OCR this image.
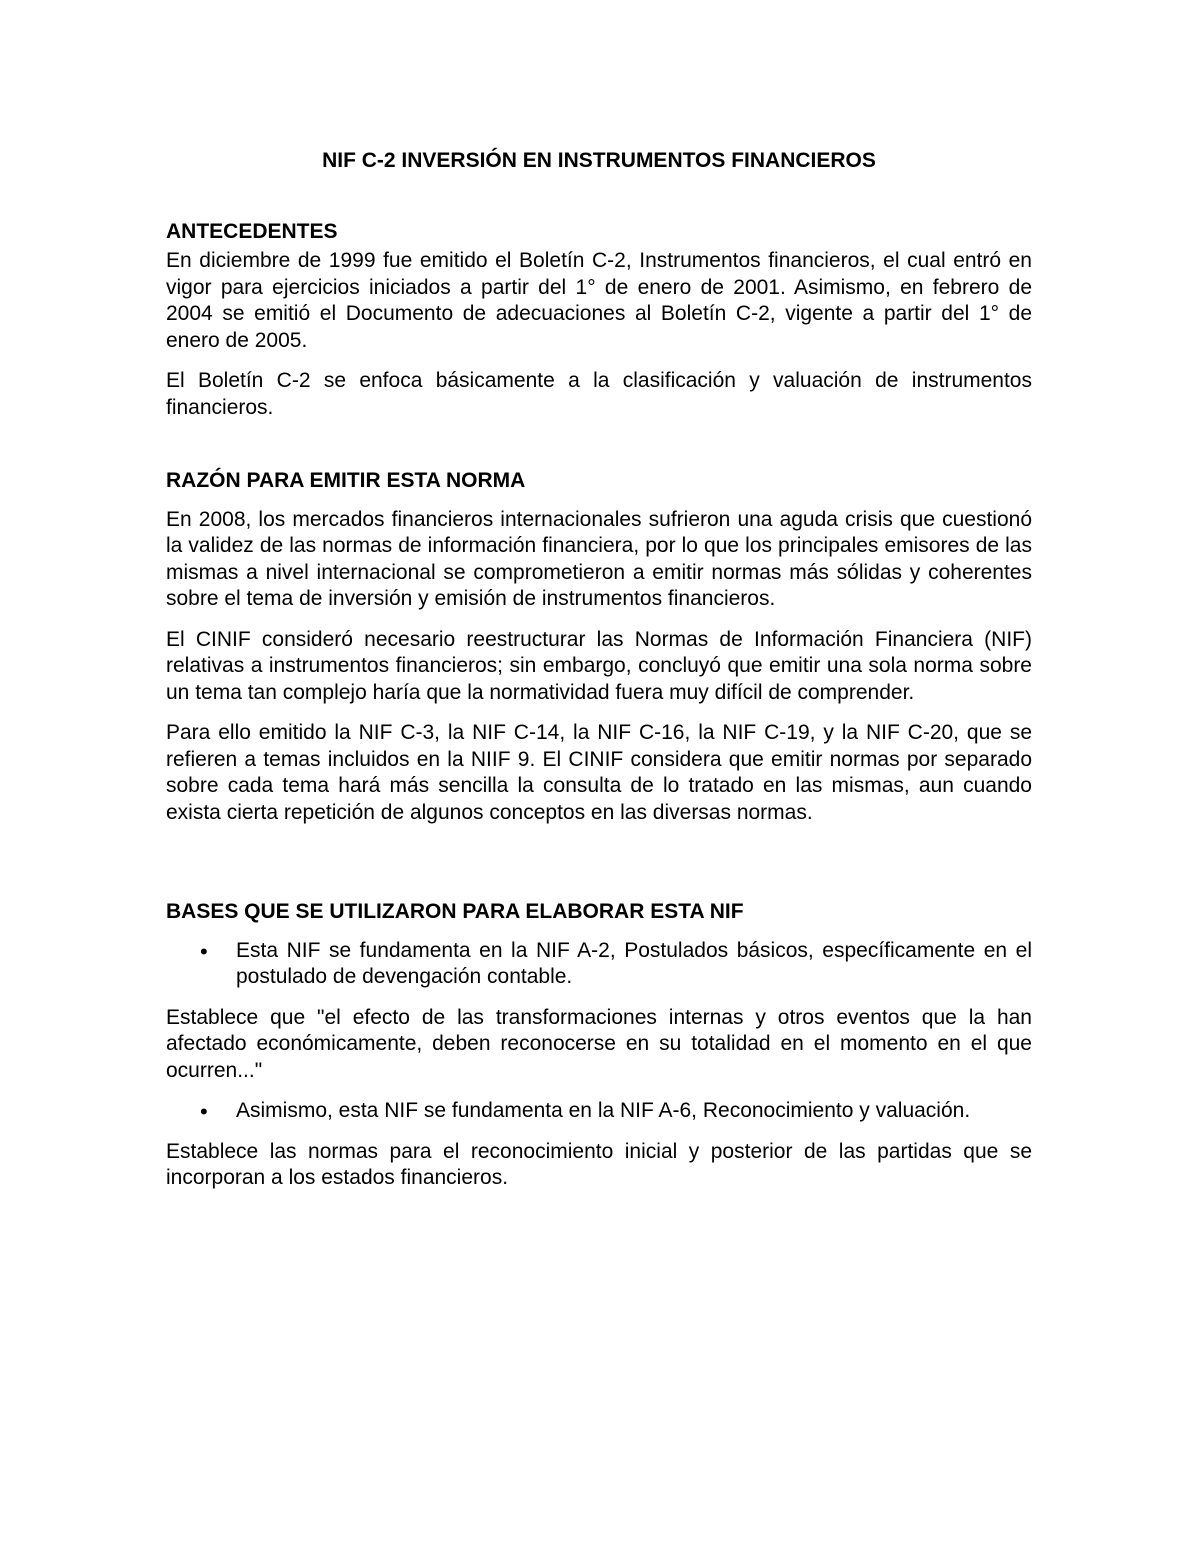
NIF C-2 INVERSIÓN EN INSTRUMENTOS FINANCIEROS
ANTECEDENTES

En diciembre de 1999 fue emitido el Boletín C-2, Instrumentos financieros, el cual entró en vigor para ejercicios iniciados a partir del 1° de enero de 2001. Asimismo, en febrero de 2004 se emitió el Documento de adecuaciones al Boletín C-2, vigente a partir del 1° de enero de 2005.

El Boletín C-2 se enfoca básicamente a la clasificación y valuación de instrumentos financieros.

RAZÓN PARA EMITIR ESTA NORMA

En 2008, los mercados financieros internacionales sufrieron una aguda crisis que cuestionó la validez de las normas de información financiera, por lo que los principales emisores de las mismas a nivel internacional se comprometieron a emitir normas más sólidas y coherentes sobre el tema de inversión y emisión de instrumentos financieros.

El CINIF consideró necesario reestructurar las Normas de Información Financiera (NIF) relativas a instrumentos financieros; sin embargo, concluyó que emitir una sola norma sobre un tema tan complejo haría que la normatividad fuera muy difícil de comprender.

Para ello emitido la NIF C-3, la NIF C-14, la NIF C-16, la NIF C-19, y la NIF C-20, que se refieren a temas incluidos en la NIIF 9. El CINIF considera que emitir normas por separado sobre cada tema hará más sencilla la consulta de lo tratado en las mismas, aun cuando exista cierta repetición de algunos conceptos en las diversas normas.

BASES QUE SE UTILIZARON PARA ELABORAR ESTA NIF
• Esta NIF se fundamenta en la NIF A-2, Postulados básicos, específicamente en el postulado de devengación contable.

Establece que "el efecto de las transformaciones internas y otros eventos que la han afectado económicamente, deben reconocerse en su totalidad en el momento en el que ocurren..."

• Asimismo, esta NIF se fundamenta en la NIF A-6, Reconocimiento y valuación.

Establece las normas para el reconocimiento inicial y posterior de las partidas que se incorporan a los estados financieros.
